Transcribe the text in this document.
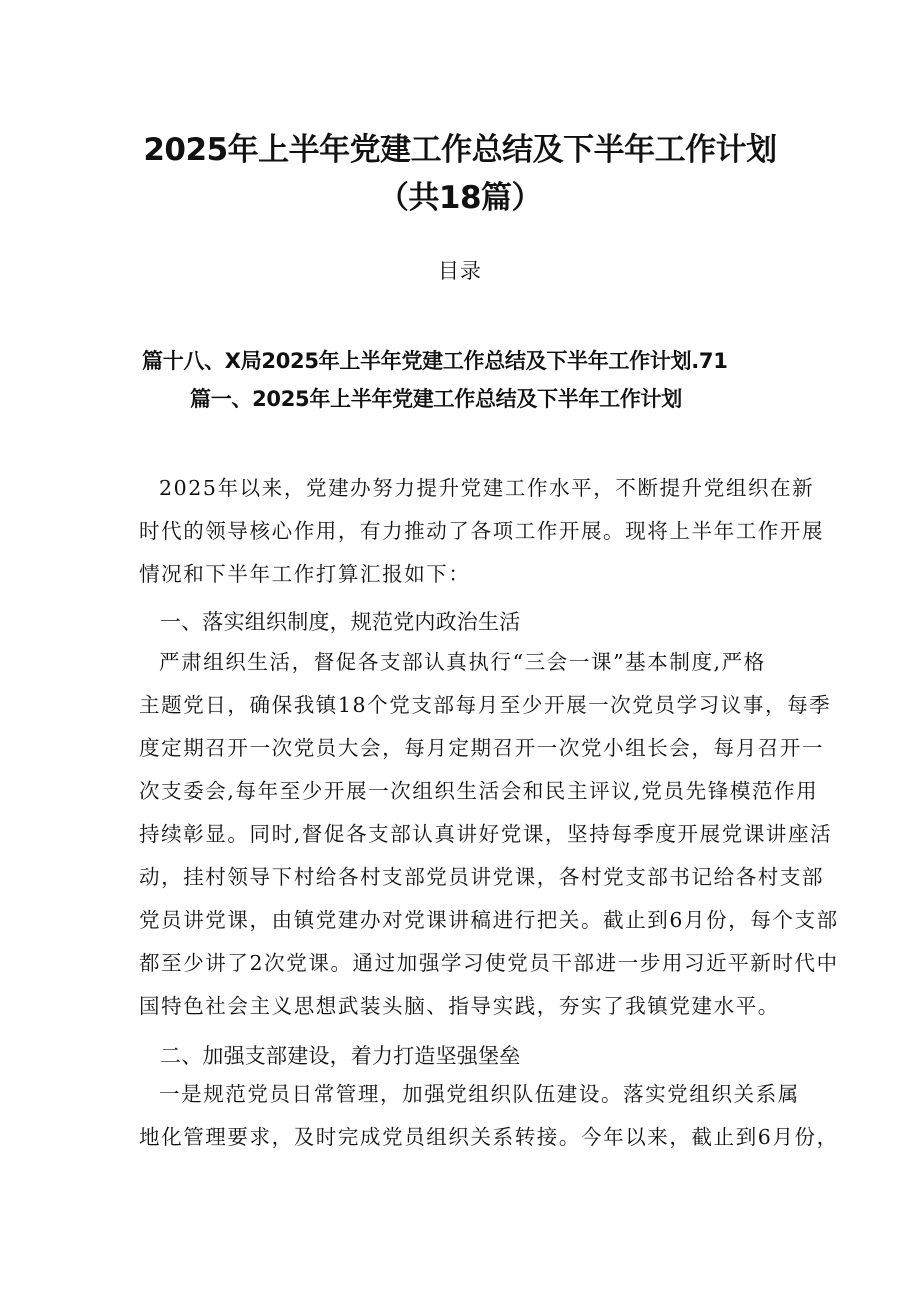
2025年上半年党建工作总结及下半年工作计划
（共18篇）
目录
篇十八、X局2025年上半年党建工作总结及下半年工作计划.71
篇一、2025年上半年党建工作总结及下半年工作计划
2025年以来，党建办努力提升党建工作水平，不断提升党组织在新
时代的领导核心作用，有力推动了各项工作开展。现将上半年工作开展
情况和下半年工作打算汇报如下：
一、落实组织制度，规范党内政治生活
严肃组织生活，督促各支部认真执行“三会一课”基本制度,严格
主题党日，确保我镇18个党支部每月至少开展一次党员学习议事，每季
度定期召开一次党员大会，每月定期召开一次党小组长会，每月召开一
次支委会,每年至少开展一次组织生活会和民主评议,党员先锋模范作用
持续彰显。同时,督促各支部认真讲好党课，坚持每季度开展党课讲座活
动，挂村领导下村给各村支部党员讲党课，各村党支部书记给各村支部
党员讲党课，由镇党建办对党课讲稿进行把关。截止到6月份，每个支部
都至少讲了2次党课。通过加强学习使党员干部进一步用习近平新时代中
国特色社会主义思想武装头脑、指导实践，夯实了我镇党建水平。
二、加强支部建设，着力打造坚强堡垒
一是规范党员日常管理，加强党组织队伍建设。落实党组织关系属
地化管理要求，及时完成党员组织关系转接。今年以来，截止到6月份，
